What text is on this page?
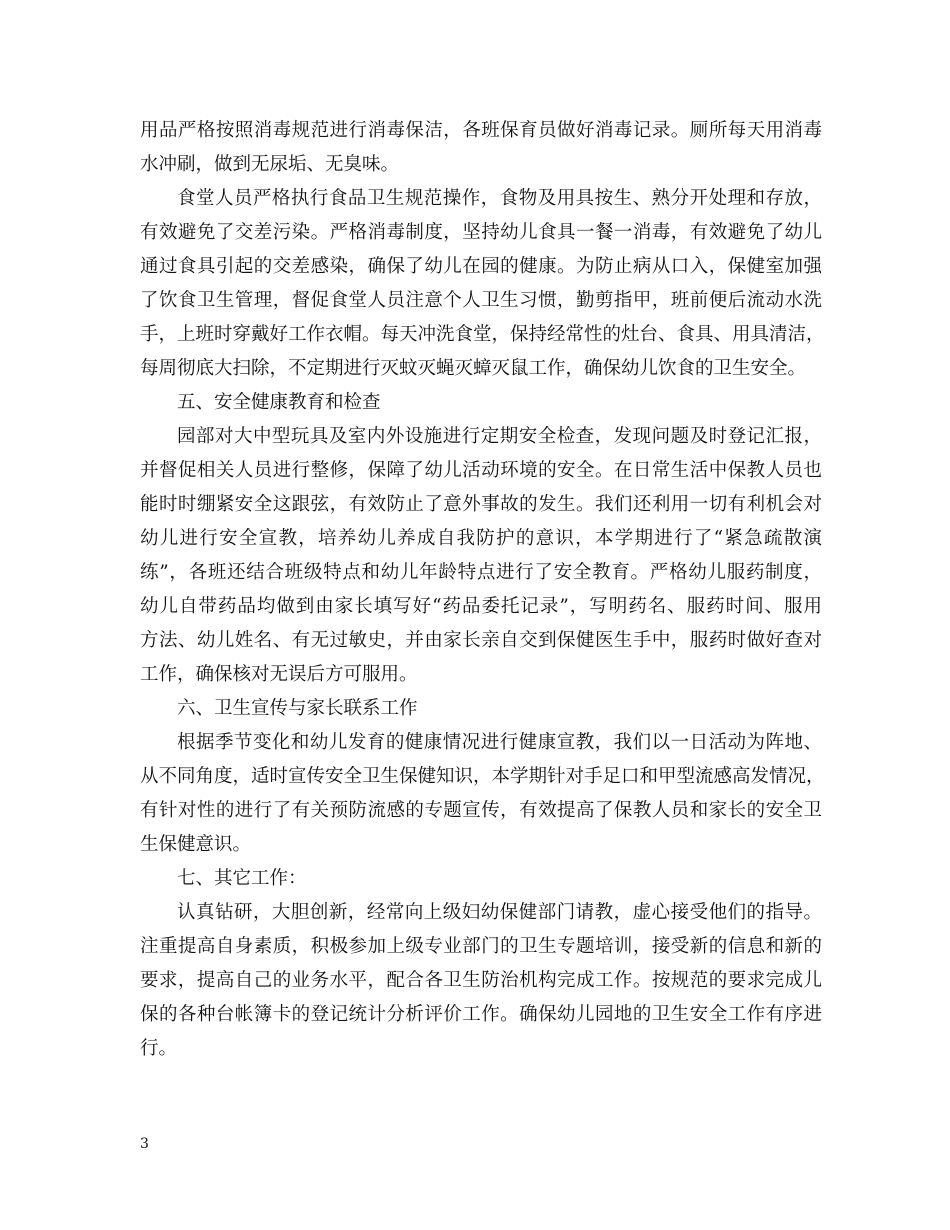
用品严格按照消毒规范进行消毒保洁，各班保育员做好消毒记录。厕所每天用消毒

水冲刷，做到无尿垢、无臭味。

食堂人员严格执行食品卫生规范操作，食物及用具按生、熟分开处理和存放，

有效避免了交差污染。严格消毒制度，坚持幼儿食具一餐一消毒，有效避免了幼儿

通过食具引起的交差感染，确保了幼儿在园的健康。为防止病从口入，保健室加强

了饮食卫生管理，督促食堂人员注意个人卫生习惯，勤剪指甲，班前便后流动水洗

手，上班时穿戴好工作衣帽。每天冲洗食堂，保持经常性的灶台、食具、用具清洁，

每周彻底大扫除，不定期进行灭蚊灭蝇灭蟑灭鼠工作，确保幼儿饮食的卫生安全。

五、安全健康教育和检查

园部对大中型玩具及室内外设施进行定期安全检查，发现问题及时登记汇报，

并督促相关人员进行整修，保障了幼儿活动环境的安全。在日常生活中保教人员也

能时时绷紧安全这跟弦，有效防止了意外事故的发生。我们还利用一切有利机会对

幼儿进行安全宣教，培养幼儿养成自我防护的意识，本学期进行了“紧急疏散演

练”，各班还结合班级特点和幼儿年龄特点进行了安全教育。严格幼儿服药制度，

幼儿自带药品均做到由家长填写好“药品委托记录”，写明药名、服药时间、服用

方法、幼儿姓名、有无过敏史，并由家长亲自交到保健医生手中，服药时做好查对

工作，确保核对无误后方可服用。

六、卫生宣传与家长联系工作

根据季节变化和幼儿发育的健康情况进行健康宣教，我们以一日活动为阵地、

从不同角度，适时宣传安全卫生保健知识，本学期针对手足口和甲型流感高发情况，

有针对性的进行了有关预防流感的专题宣传，有效提高了保教人员和家长的安全卫

生保健意识。

七、其它工作：

认真钻研，大胆创新，经常向上级妇幼保健部门请教，虚心接受他们的指导。

注重提高自身素质，积极参加上级专业部门的卫生专题培训，接受新的信息和新的

要求，提高自己的业务水平，配合各卫生防治机构完成工作。按规范的要求完成儿

保的各种台帐簿卡的登记统计分析评价工作。确保幼儿园地的卫生安全工作有序进

行。

3
